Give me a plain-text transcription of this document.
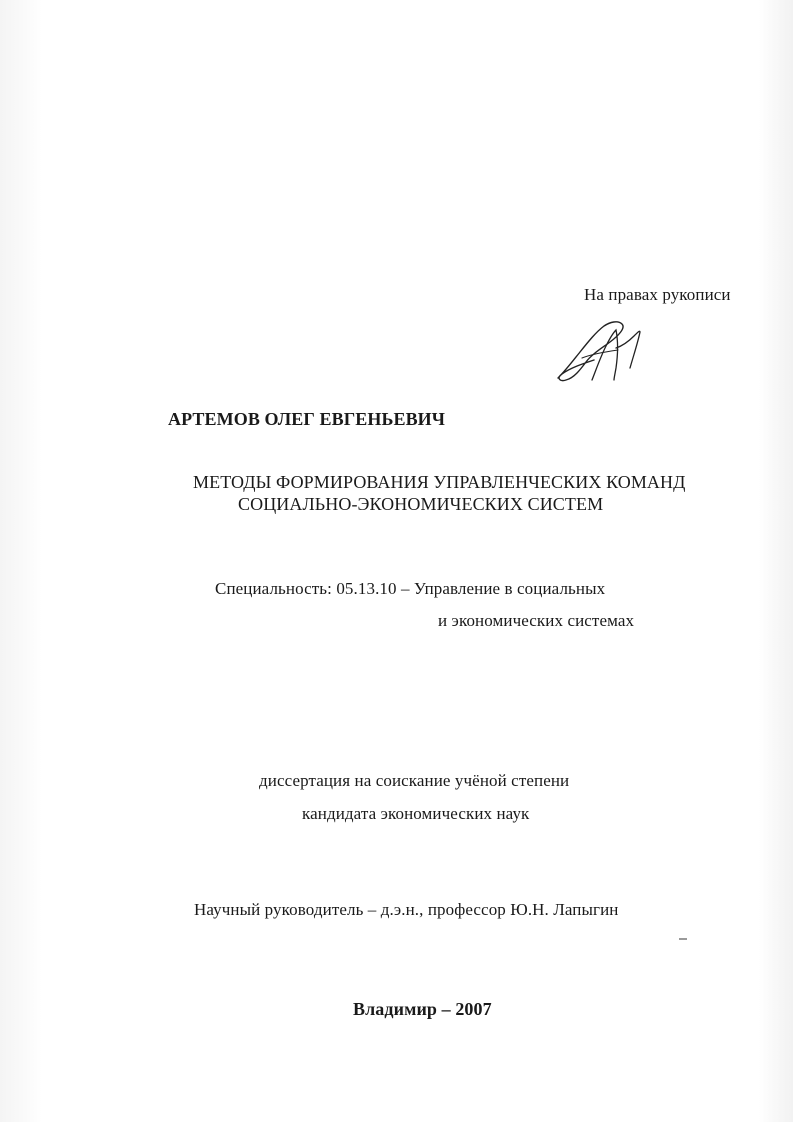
На правах рукописи
АРТЕМОВ ОЛЕГ ЕВГЕНЬЕВИЧ
МЕТОДЫ ФОРМИРОВАНИЯ УПРАВЛЕНЧЕСКИХ КОМАНД
СОЦИАЛЬНО-ЭКОНОМИЧЕСКИХ СИСТЕМ
Специальность: 05.13.10 – Управление в социальных
и экономических системах
диссертация на соискание учёной степени
кандидата экономических наук
Научный руководитель – д.э.н., профессор Ю.Н. Лапыгин
Владимир – 2007
